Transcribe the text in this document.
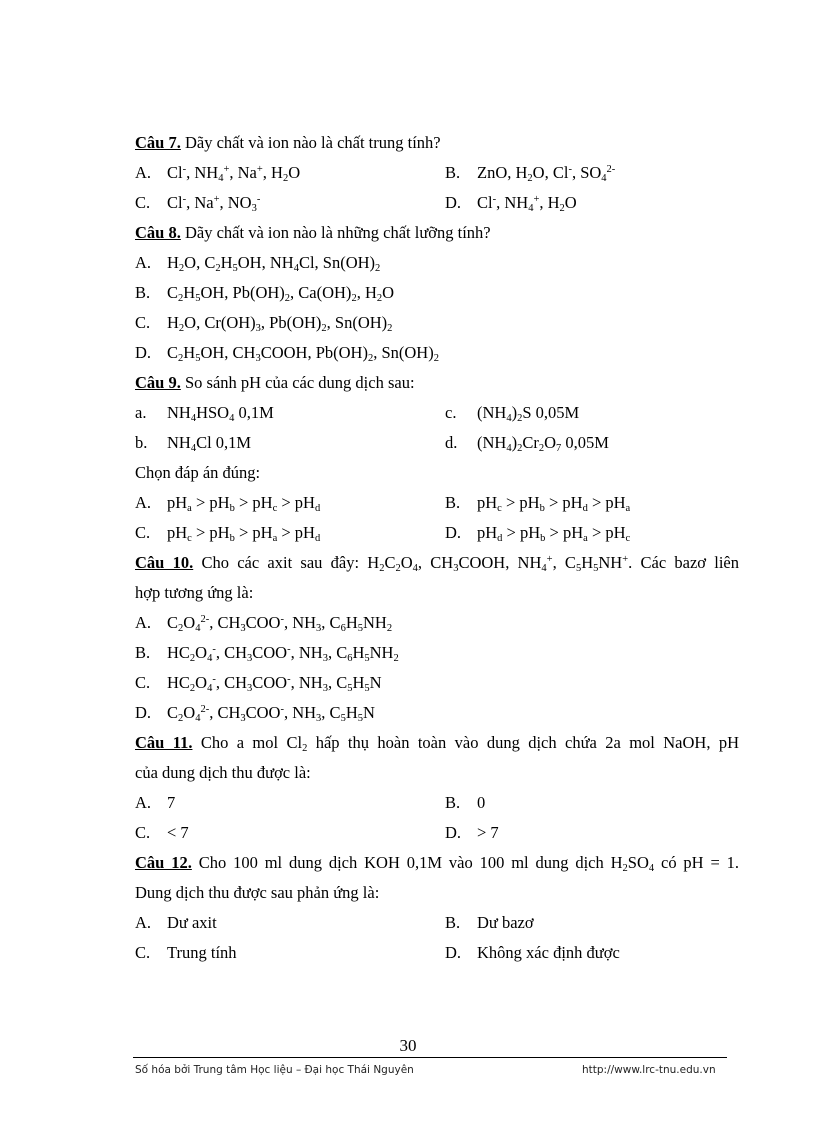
Câu 7. Dãy chất và ion nào là chất trung tính?
A. Cl-, $NH_4^+$, Na+, $H_2O$	B. ZnO, $H_2O$, Cl-, $SO_4^{2-}$
C. Cl-, Na+, $NO_3^-$	D. Cl-, $NH_4^+$, $H_2O$
Câu 8. Dãy chất và ion nào là những chất lưỡng tính?
A. $H_2O$, $C_2H_5OH$, $NH_4Cl$, $Sn(OH)_2$
B. $C_2H_5OH$, $Pb(OH)_2$, $Ca(OH)_2$, $H_2O$
C. $H_2O$, $Cr(OH)_3$, $Pb(OH)_2$, $Sn(OH)_2$
D. $C_2H_5OH$, $CH_3COOH$, $Pb(OH)_2$, $Sn(OH)_2$
Câu 9. So sánh pH của các dung dịch sau:
a. $NH_4HSO_4$ 0,1M	c. $(NH_4)_2S$ 0,05M
b. $NH_4Cl$ 0,1M	d. $(NH_4)_2Cr_2O_7$ 0,05M
Chọn đáp án đúng:
A. $pH_a > pH_b > pH_c > pH_d$	B. $pH_c > pH_b > pH_d > pH_a$
C. $pH_c > pH_b > pH_a > pH_d$	D. $pH_d > pH_b > pH_a > pH_c$
Câu 10. Cho các axit sau đây: $H_2C_2O_4$, $CH_3COOH$, $NH_4^+$, $C_5H_5NH^+$. Các bazơ liên
hợp tương ứng là:
A. $C_2O_4^{2-}$, $CH_3COO^-$, $NH_3$, $C_6H_5NH_2$
B. $HC_2O_4^-$, $CH_3COO^-$, $NH_3$, $C_6H_5NH_2$
C. $HC_2O_4^-$, $CH_3COO^-$, $NH_3$, $C_5H_5N$
D. $C_2O_4^{2-}$, $CH_3COO^-$, $NH_3$, $C_5H_5N$
Câu 11. Cho a mol $Cl_2$ hấp thụ hoàn toàn vào dung dịch chứa 2a mol NaOH, pH
của dung dịch thu được là:
A. 7	B. 0
C. < 7	D. > 7
Câu 12. Cho 100 ml dung dịch KOH 0,1M vào 100 ml dung dịch $H_2SO_4$ có pH = 1.
Dung dịch thu được sau phản ứng là:
A. Dư axit	B. Dư bazơ
C. Trung tính	D. Không xác định được
30
Số hóa bởi Trung tâm Học liệu – Đại học Thái Nguyên	http://www.lrc-tnu.edu.vn
